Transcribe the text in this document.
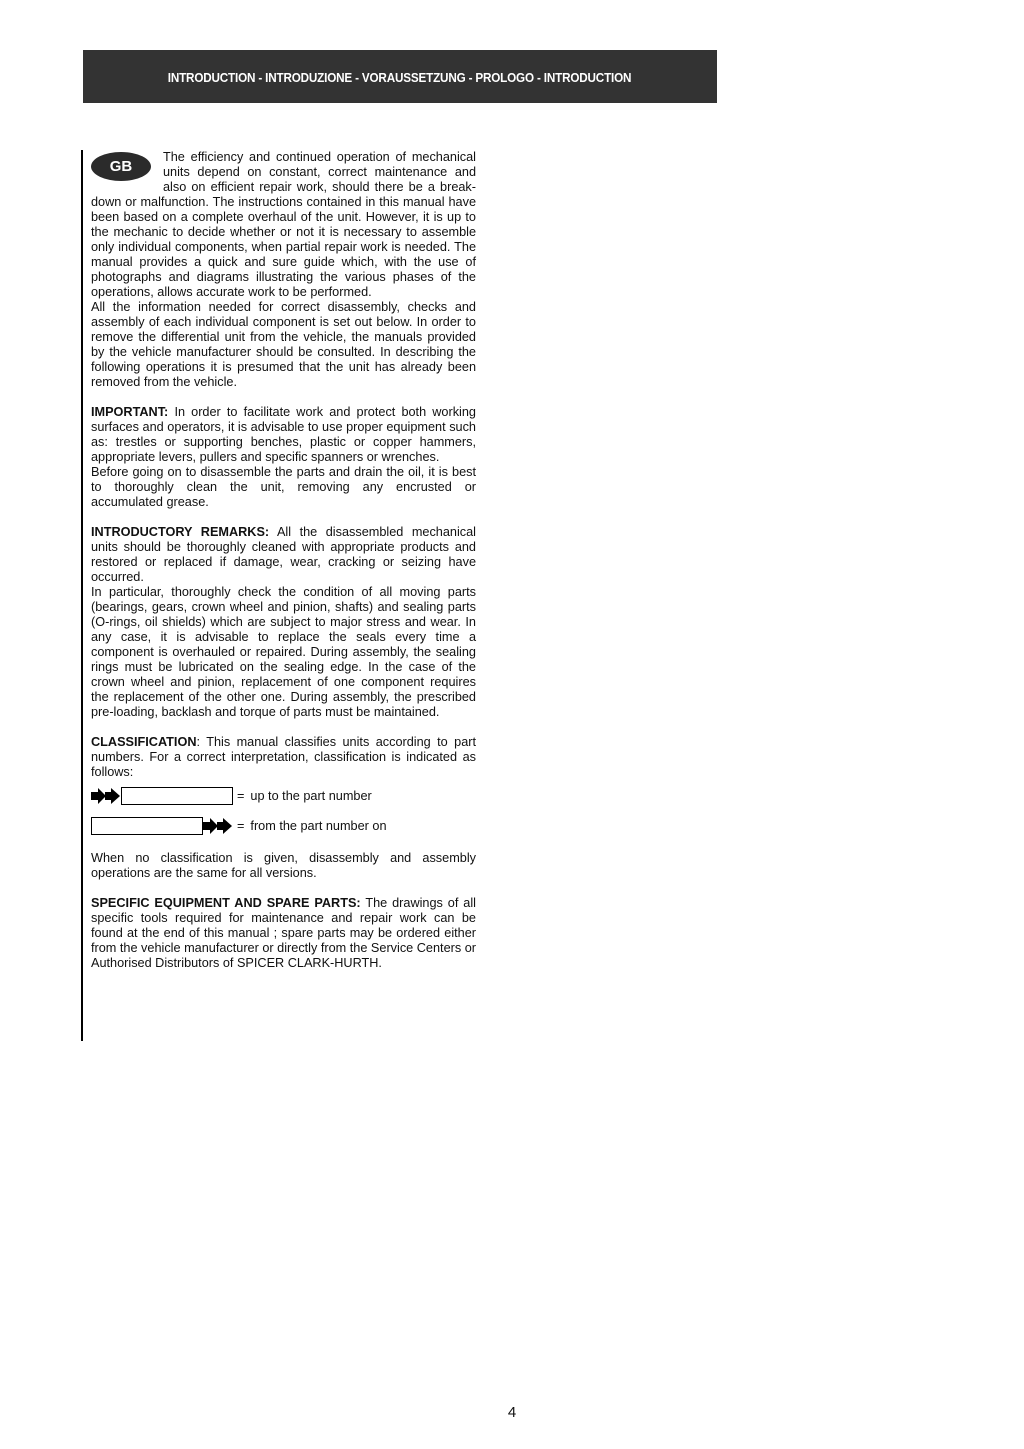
INTRODUCTION - INTRODUZIONE - VORAUSSETZUNG - PROLOGO - INTRODUCTION
GB

The efficiency and continued operation of mechanical units depend on constant, correct maintenance and also on efficient repair work, should there be a break-down or malfunction. The instructions contained in this manual have been based on a complete overhaul of the unit. However, it is up to the mechanic to decide whether or not it is necessary to assemble only individual components, when partial repair work is needed. The manual provides a quick and sure guide which, with the use of photographs and diagrams illustrating the various phases of the operations, allows accurate work to be performed.

All the information needed for correct disassembly, checks and assembly of each individual component is set out below. In order to remove the differential unit from the vehicle, the manuals provided by the vehicle manufacturer should be consulted. In describing the following operations it is presumed that the unit has already been removed from the vehicle.

IMPORTANT: In order to facilitate work and protect both working surfaces and operators, it is advisable to use proper equipment such as: trestles or supporting benches, plastic or copper hammers, appropriate levers, pullers and specific spanners or wrenches.

Before going on to disassemble the parts and drain the oil, it is best to thoroughly clean the unit, removing any encrusted or accumulated grease.

INTRODUCTORY REMARKS: All the disassembled mechanical units should be thoroughly cleaned with appropriate products and restored or replaced if damage, wear, cracking or seizing have occurred.

In particular, thoroughly check the condition of all moving parts (bearings, gears, crown wheel and pinion, shafts) and sealing parts (O-rings, oil shields) which are subject to major stress and wear. In any case, it is advisable to replace the seals every time a component is overhauled or repaired. During assembly, the sealing rings must be lubricated on the sealing edge. In the case of the crown wheel and pinion, replacement of one component requires the replacement of the other one. During assembly, the prescribed pre-loading, backlash and torque of parts must be maintained.

CLASSIFICATION: This manual classifies units according to part numbers. For a correct interpretation, classification is indicated as follows:

= up to the part number
= from the part number on

When no classification is given, disassembly and assembly operations are the same for all versions.

SPECIFIC EQUIPMENT AND SPARE PARTS: The drawings of all specific tools required for maintenance and repair work can be found at the end of this manual ; spare parts may be ordered either from the vehicle manufacturer or directly from the Service Centers or Authorised Distributors of SPICER CLARK-HURTH.

4
